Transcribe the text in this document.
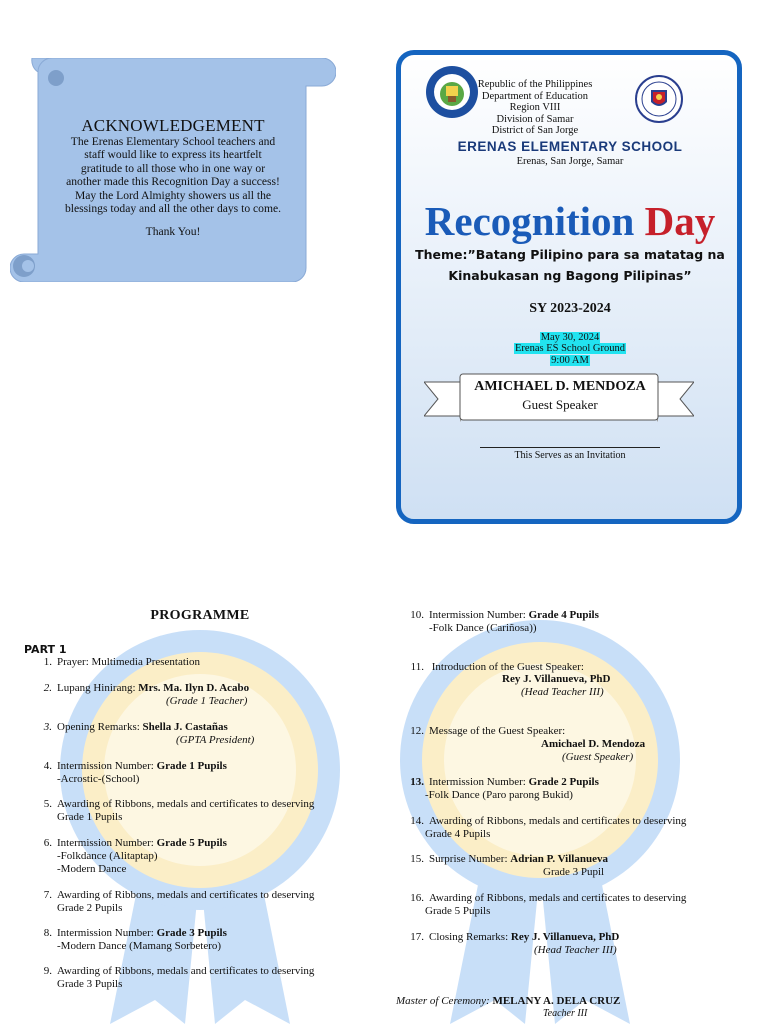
ACKNOWLEDGEMENT
The Erenas Elementary School teachers and
staff would like to express its heartfelt
gratitude to all those who in one way or
another made this Recognition Day a success!
May the Lord Almighty showers us all the
blessings today and all the other days to come.
Thank You!
Republic of the Philippines
Department of Education
Region VIII
Division of Samar
District of San Jorge
ERENAS ELEMENTARY SCHOOL
Erenas, San Jorge, Samar
Recognition Day
Theme:”Batang Pilipino para sa matatag na
Kinabukasan ng Bagong Pilipinas”
SY 2023-2024
May 30, 2024
Erenas ES School Ground
9:00 AM
AMICHAEL D. MENDOZA
Guest Speaker
This Serves as an Invitation
PROGRAMME
PART 1
1. Prayer: Multimedia Presentation
2. Lupang Hinirang: Mrs. Ma. Ilyn D. Acabo
(Grade 1 Teacher)
3. Opening Remarks: Shella J. Castañas
(GPTA President)
4. Intermission Number: Grade 1 Pupils
-Acrostic-(School)
5. Awarding of Ribbons, medals and certificates to deserving
Grade 1 Pupils
6. Intermission Number: Grade 5 Pupils
-Folkdance (Alitaptap)
-Modern Dance
7. Awarding of Ribbons, medals and certificates to deserving
Grade 2 Pupils
8. Intermission Number: Grade 3 Pupils
-Modern Dance (Mamang Sorbetero)
9. Awarding of Ribbons, medals and certificates to deserving
Grade 3 Pupils
10. Intermission Number: Grade 4 Pupils
-Folk Dance (Cariñosa))
11. Introduction of the Guest Speaker:
Rey J. Villanueva, PhD
(Head Teacher III)
12. Message of the Guest Speaker:
Amichael D. Mendoza
(Guest Speaker)
13. Intermission Number: Grade 2 Pupils
-Folk Dance (Paro parong Bukid)
14. Awarding of Ribbons, medals and certificates to deserving
Grade 4 Pupils
15. Surprise Number: Adrian P. Villanueva
Grade 3 Pupil
16. Awarding of Ribbons, medals and certificates to deserving
Grade 5 Pupils
17. Closing Remarks: Rey J. Villanueva, PhD
(Head Teacher III)
Master of Ceremony: MELANY A. DELA CRUZ
Teacher III
